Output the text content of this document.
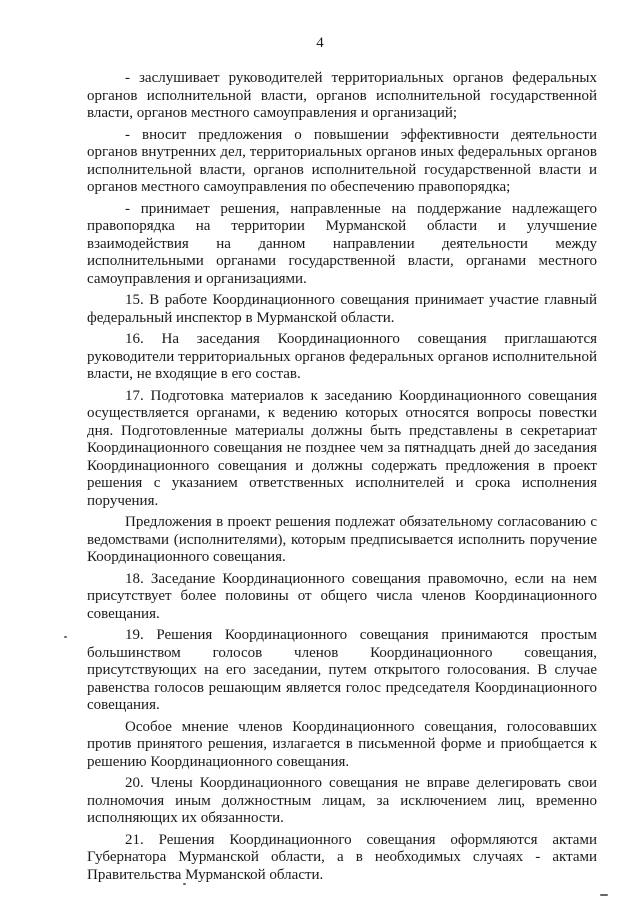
4

- заслушивает руководителей территориальных органов федеральных органов исполнительной власти, органов исполнительной государственной власти, органов местного самоуправления и организаций;

- вносит предложения о повышении эффективности деятельности органов внутренних дел, территориальных органов иных федеральных органов исполнительной власти, органов исполнительной государственной власти и органов местного самоуправления по обеспечению правопорядка;

- принимает решения, направленные на поддержание надлежащего правопорядка на территории Мурманской области и улучшение взаимодействия на данном направлении деятельности между исполнительными органами государственной власти, органами местного самоуправления и организациями.

15. В работе Координационного совещания принимает участие главный федеральный инспектор в Мурманской области.

16. На заседания Координационного совещания приглашаются руководители территориальных органов федеральных органов исполнительной власти, не входящие в его состав.

17. Подготовка материалов к заседанию Координационного совещания осуществляется органами, к ведению которых относятся вопросы повестки дня. Подготовленные материалы должны быть представлены в секретариат Координационного совещания не позднее чем за пятнадцать дней до заседания Координационного совещания и должны содержать предложения в проект решения с указанием ответственных исполнителей и срока исполнения поручения.

Предложения в проект решения подлежат обязательному согласованию с ведомствами (исполнителями), которым предписывается исполнить поручение Координационного совещания.

18. Заседание Координационного совещания правомочно, если на нем присутствует более половины от общего числа членов Координационного совещания.

19. Решения Координационного совещания принимаются простым большинством голосов членов Координационного совещания, присутствующих на его заседании, путем открытого голосования. В случае равенства голосов решающим является голос председателя Координационного совещания.

Особое мнение членов Координационного совещания, голосовавших против принятого решения, излагается в письменной форме и приобщается к решению Координационного совещания.

20. Члены Координационного совещания не вправе делегировать свои полномочия иным должностным лицам, за исключением лиц, временно исполняющих их обязанности.

21. Решения Координационного совещания оформляются актами Губернатора Мурманской области, а в необходимых случаях - актами Правительства Мурманской области.
